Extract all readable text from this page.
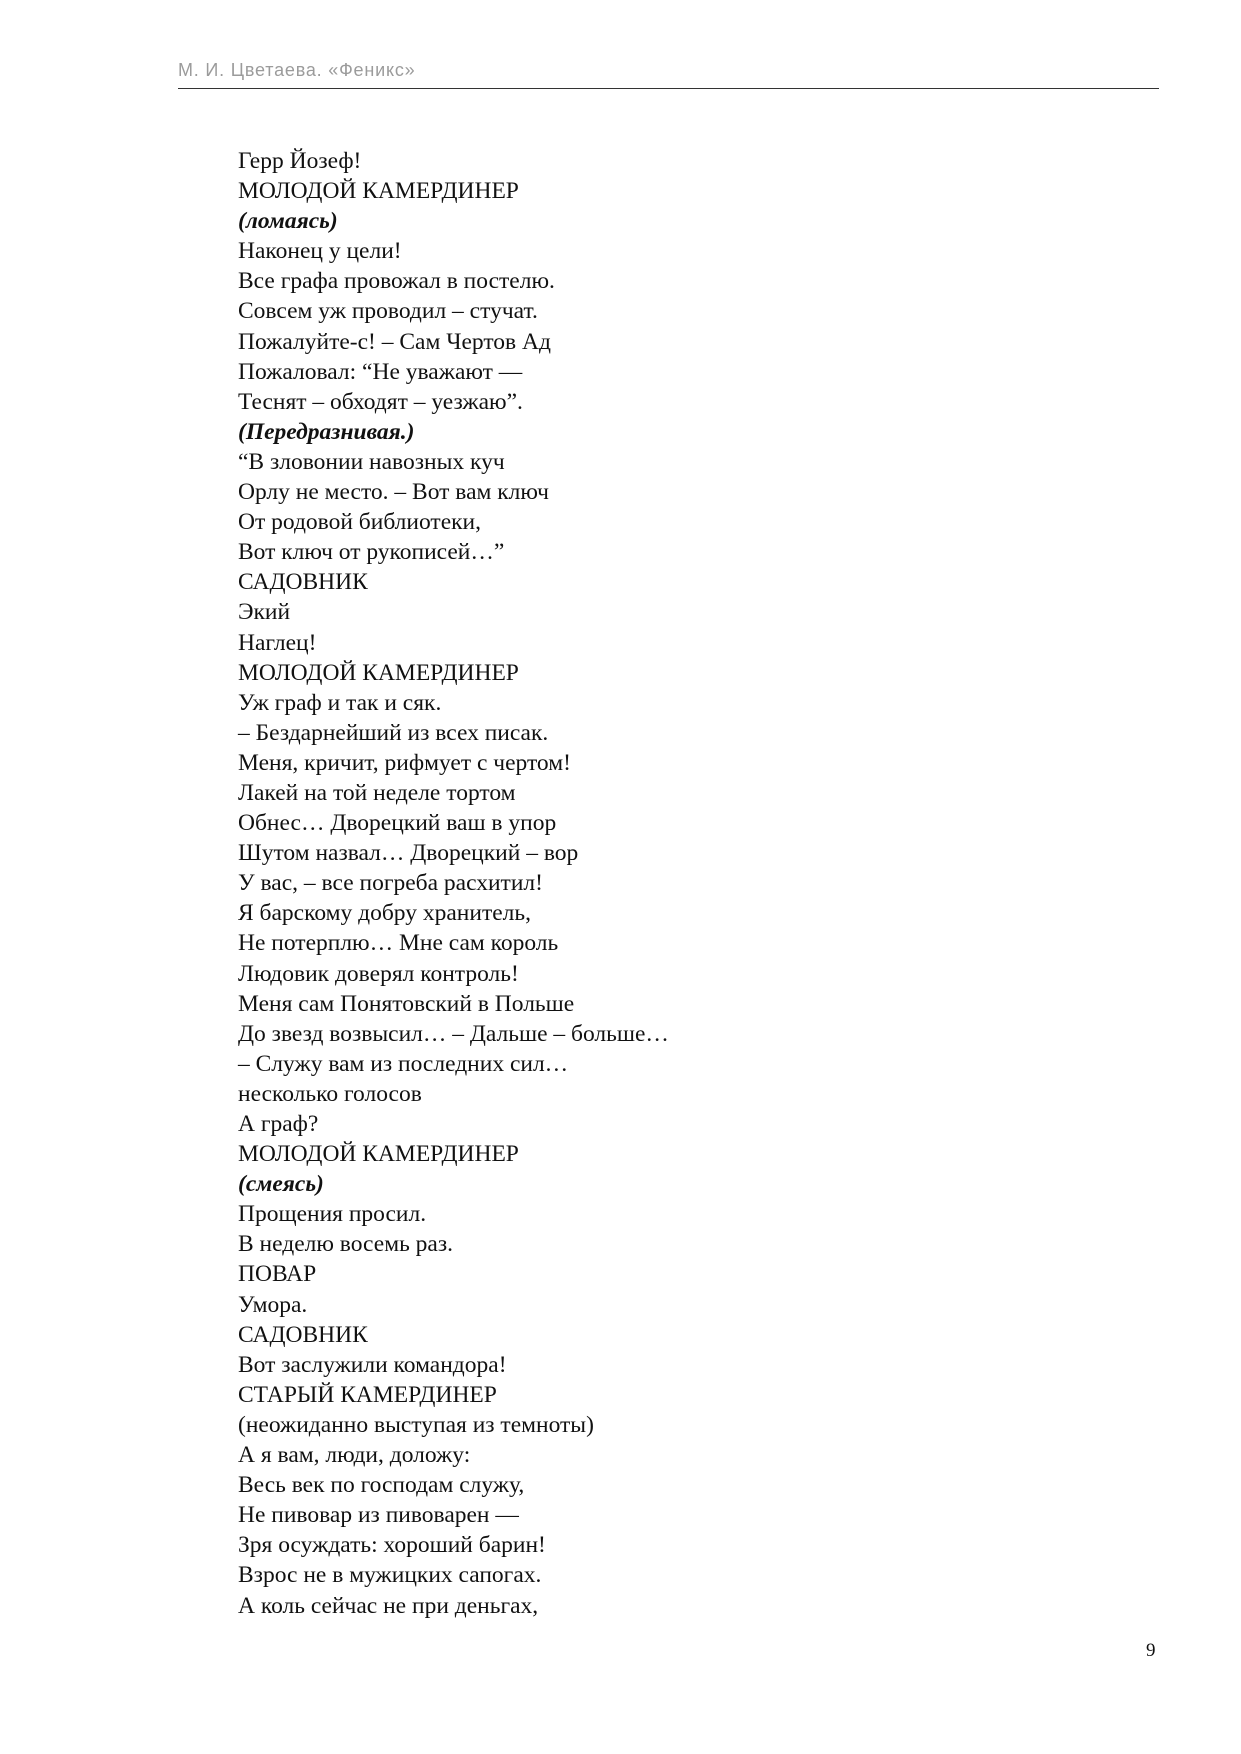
М. И. Цветаева. «Феникс»
Герр Йозеф!
МОЛОДОЙ КАМЕРДИНЕР
(ломаясь)
Наконец у цели!
Все графа провожал в постелю.
Совсем уж проводил – стучат.
Пожалуйте-с! – Сам Чертов Ад
Пожаловал: “Не уважают —
Теснят – обходят – уезжаю”.
(Передразнивая.)
“В зловонии навозных куч
Орлу не место. – Вот вам ключ
От родовой библиотеки,
Вот ключ от рукописей…”
САДОВНИК
Экий
Наглец!
МОЛОДОЙ КАМЕРДИНЕР
Уж граф и так и сяк.
– Бездарнейший из всех писак.
Меня, кричит, рифмует с чертом!
Лакей на той неделе тортом
Обнес… Дворецкий ваш в упор
Шутом назвал… Дворецкий – вор
У вас, – все погреба расхитил!
Я барскому добру хранитель,
Не потерплю… Мне сам король
Людовик доверял контроль!
Меня сам Понятовский в Польше
До звезд возвысил… – Дальше – больше…
– Служу вам из последних сил…
несколько голосов
А граф?
МОЛОДОЙ КАМЕРДИНЕР
(смеясь)
Прощения просил.
В неделю восемь раз.
ПОВАР
Умора.
САДОВНИК
Вот заслужили командора!
СТАРЫЙ КАМЕРДИНЕР
(неожиданно выступая из темноты)
А я вам, люди, доложу:
Весь век по господам служу,
Не пивовар из пивоварен —
Зря осуждать: хороший барин!
Взрос не в мужицких сапогах.
А коль сейчас не при деньгах,
9
